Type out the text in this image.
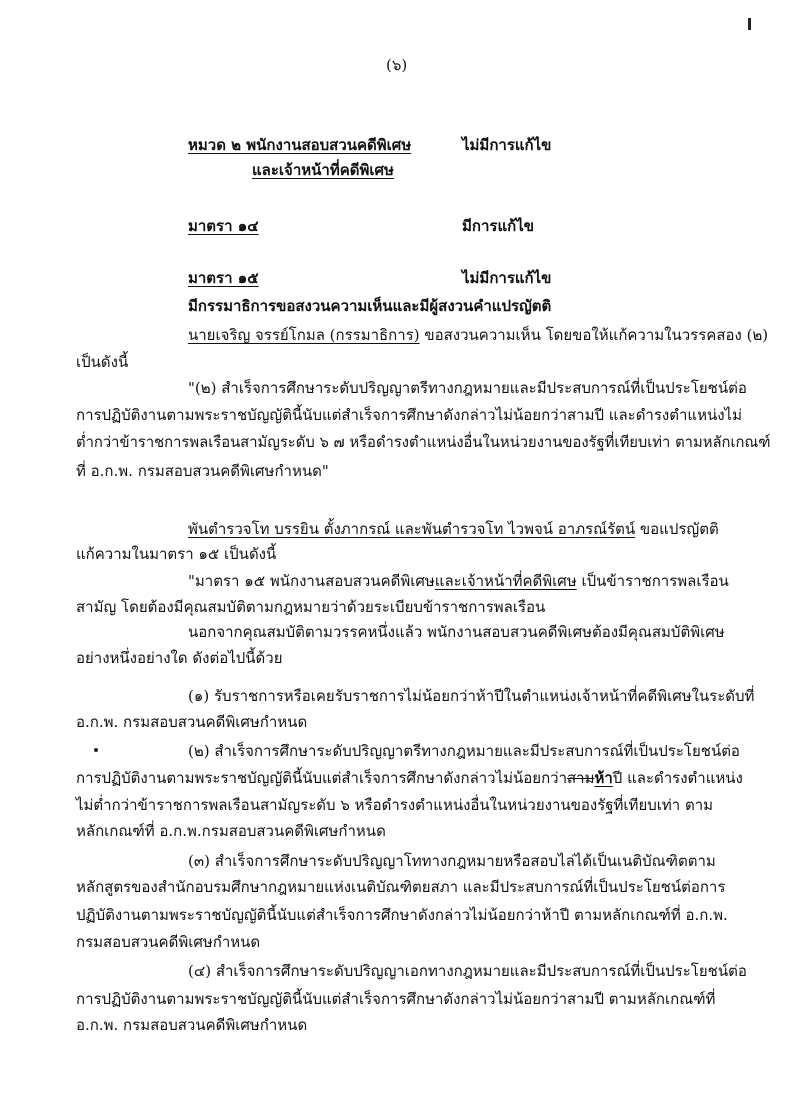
(๖)
หมวด ๒ พนักงานสอบสวนคดีพิเศษ	ไม่มีการแก้ไข
และเจ้าหน้าที่คดีพิเศษ
มาตรา ๑๔	มีการแก้ไข
มาตรา ๑๕	ไม่มีการแก้ไข
มีกรรมาธิการขอสงวนความเห็นและมีผู้สงวนคำแปรญัตติ
นายเจริญ จรรย์โกมล (กรรมาธิการ) ขอสงวนความเห็น โดยขอให้แก้ความในวรรคสอง (๒)
เป็นดังนี้
"(๒) สำเร็จการศึกษาระดับปริญญาตรีทางกฎหมายและมีประสบการณ์ที่เป็นประโยชน์ต่อ
การปฏิบัติงานตามพระราชบัญญัตินี้นับแต่สำเร็จการศึกษาดังกล่าวไม่น้อยกว่าสามปี และดำรงตำแหน่งไม่
ต่ำกว่าข้าราชการพลเรือนสามัญระดับ ๖ ๗ หรือดำรงตำแหน่งอื่นในหน่วยงานของรัฐที่เทียบเท่า ตามหลักเกณฑ์
ที่ อ.ก.พ. กรมสอบสวนคดีพิเศษกำหนด"
พันตำรวจโท บรรยิน ตั้งภากรณ์ และพันตำรวจโท ไวพจน์ อาภรณ์รัตน์ ขอแปรญัตติ
แก้ความในมาตรา ๑๕ เป็นดังนี้
"มาตรา ๑๕ พนักงานสอบสวนคดีพิเศษและเจ้าหน้าที่คดีพิเศษ เป็นข้าราชการพลเรือน
สามัญ โดยต้องมีคุณสมบัติตามกฎหมายว่าด้วยระเบียบข้าราชการพลเรือน
นอกจากคุณสมบัติตามวรรคหนึ่งแล้ว พนักงานสอบสวนคดีพิเศษต้องมีคุณสมบัติพิเศษ
อย่างหนึ่งอย่างใด ดังต่อไปนี้ด้วย
(๑) รับราชการหรือเคยรับราชการไม่น้อยกว่าห้าปีในตำแหน่งเจ้าหน้าที่คดีพิเศษในระดับที่
อ.ก.พ. กรมสอบสวนคดีพิเศษกำหนด
(๒) สำเร็จการศึกษาระดับปริญญาตรีทางกฎหมายและมีประสบการณ์ที่เป็นประโยชน์ต่อ
การปฏิบัติงานตามพระราชบัญญัตินี้นับแต่สำเร็จการศึกษาดังกล่าวไม่น้อยกว่าสามห้าปี และดำรงตำแหน่ง
ไม่ต่ำกว่าข้าราชการพลเรือนสามัญระดับ ๖ หรือดำรงตำแหน่งอื่นในหน่วยงานของรัฐที่เทียบเท่า ตาม
หลักเกณฑ์ที่ อ.ก.พ.กรมสอบสวนคดีพิเศษกำหนด
(๓) สำเร็จการศึกษาระดับปริญญาโททางกฎหมายหรือสอบไล่ได้เป็นเนติบัณฑิตตาม
หลักสูตรของสำนักอบรมศึกษากฎหมายแห่งเนติบัณฑิตยสภา และมีประสบการณ์ที่เป็นประโยชน์ต่อการ
ปฏิบัติงานตามพระราชบัญญัตินี้นับแต่สำเร็จการศึกษาดังกล่าวไม่น้อยกว่าห้าปี ตามหลักเกณฑ์ที่ อ.ก.พ.
กรมสอบสวนคดีพิเศษกำหนด
(๔) สำเร็จการศึกษาระดับปริญญาเอกทางกฎหมายและมีประสบการณ์ที่เป็นประโยชน์ต่อ
การปฏิบัติงานตามพระราชบัญญัตินี้นับแต่สำเร็จการศึกษาดังกล่าวไม่น้อยกว่าสามปี ตามหลักเกณฑ์ที่
อ.ก.พ. กรมสอบสวนคดีพิเศษกำหนด
